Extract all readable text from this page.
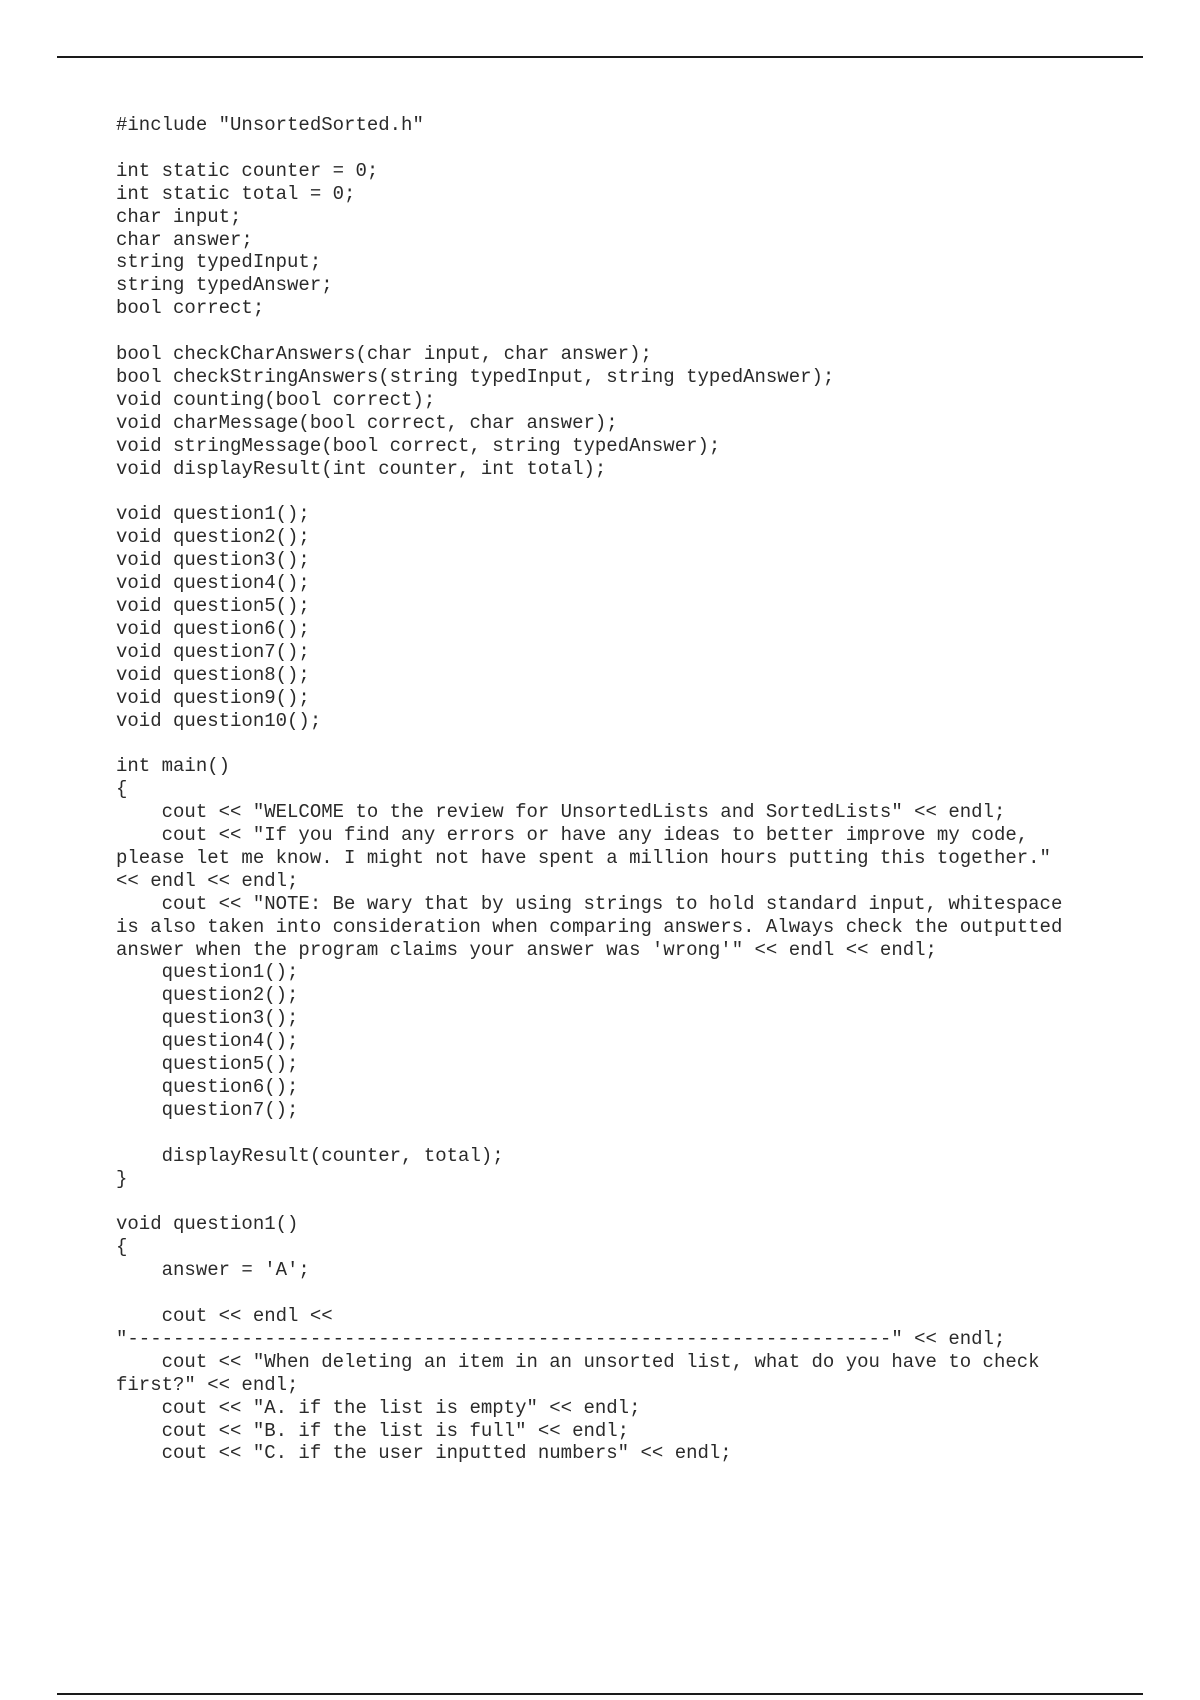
#include "UnsortedSorted.h"
int static counter = 0;
int static total = 0;
char input;
char answer;
string typedInput;
string typedAnswer;
bool correct;
bool checkCharAnswers(char input, char answer);
bool checkStringAnswers(string typedInput, string typedAnswer);
void counting(bool correct);
void charMessage(bool correct, char answer);
void stringMessage(bool correct, string typedAnswer);
void displayResult(int counter, int total);
void question1();
void question2();
void question3();
void question4();
void question5();
void question6();
void question7();
void question8();
void question9();
void question10();
int main()
{
cout << "WELCOME to the review for UnsortedLists and SortedLists" << endl;
cout << "If you find any errors or have any ideas to better improve my code,
please let me know. I might not have spent a million hours putting this together."
<< endl << endl;
cout << "NOTE: Be wary that by using strings to hold standard input, whitespace
is also taken into consideration when comparing answers. Always check the outputted
answer when the program claims your answer was 'wrong'" << endl << endl;
question1();
question2();
question3();
question4();
question5();
question6();
question7();
displayResult(counter, total);
}
void question1()
{
answer = 'A';
cout << endl <<
"-------------------------------------------------------------------" << endl;
cout << "When deleting an item in an unsorted list, what do you have to check
first?" << endl;
cout << "A. if the list is empty" << endl;
cout << "B. if the list is full" << endl;
cout << "C. if the user inputted numbers" << endl;
